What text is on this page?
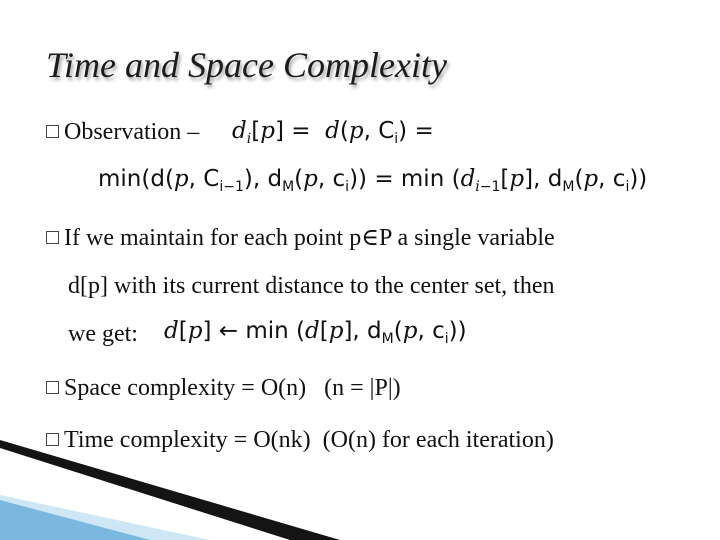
Time and Space Complexity
Observation – $d_i[p] = d(p$, $C_i$) =
min(d(p, $C_{i-1}$), $d_M(p$, $c_i)) = \min (d_{i-1}[p]$, $d_M(p$, $c_i$))
If we maintain for each point p∈P a single variable
d[p] with its current distance to the center set, then
we get: d[p] ← min (d[p], $d_M(p$, $c_i$))
Space complexity = O(n)   (n = |P|)
Time complexity = O(nk)  (O(n) for each iteration)
